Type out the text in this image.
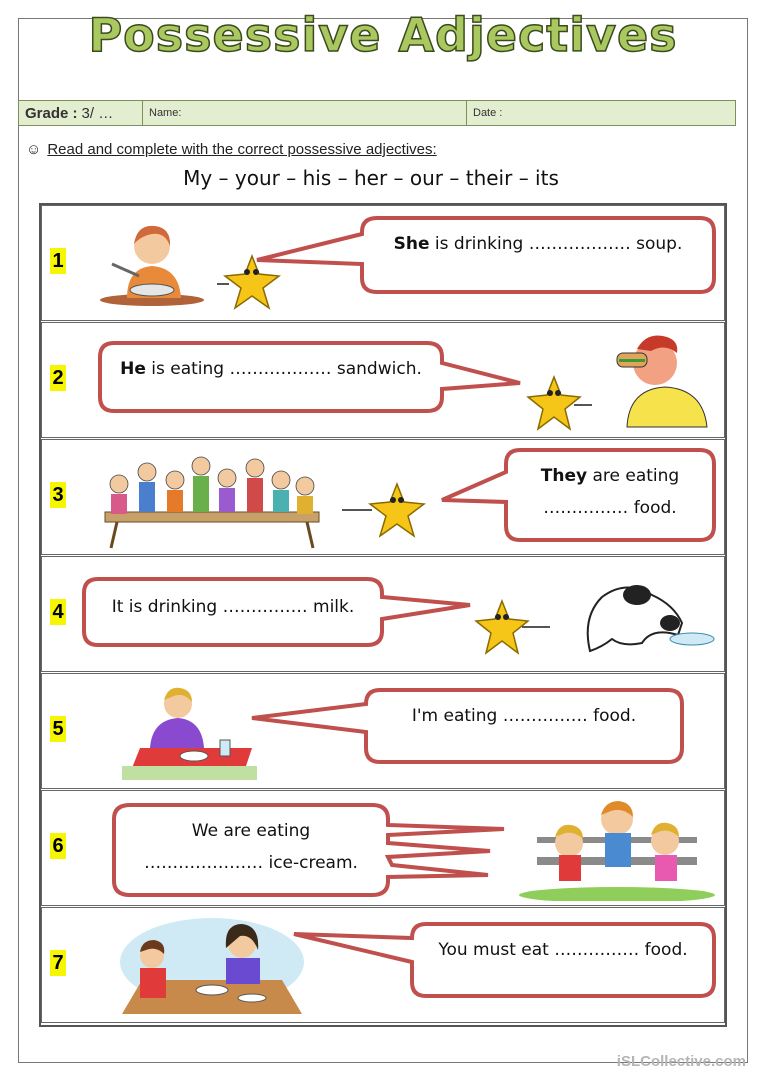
Possessive Adjectives
Grade : 3/ …	Name:	Date :
☺ Read and complete with the correct possessive adjectives:
My – your – his – her – our – their – its
1
She is drinking ……………… soup.
2	He is eating ……………… sandwich.
3
They are eating
…………… food.
4	It is drinking …………… milk.
5
I'm eating …………… food.
6
We are eating
………………… ice-cream.
7
You must eat …………… food.
iSLCollective.com
